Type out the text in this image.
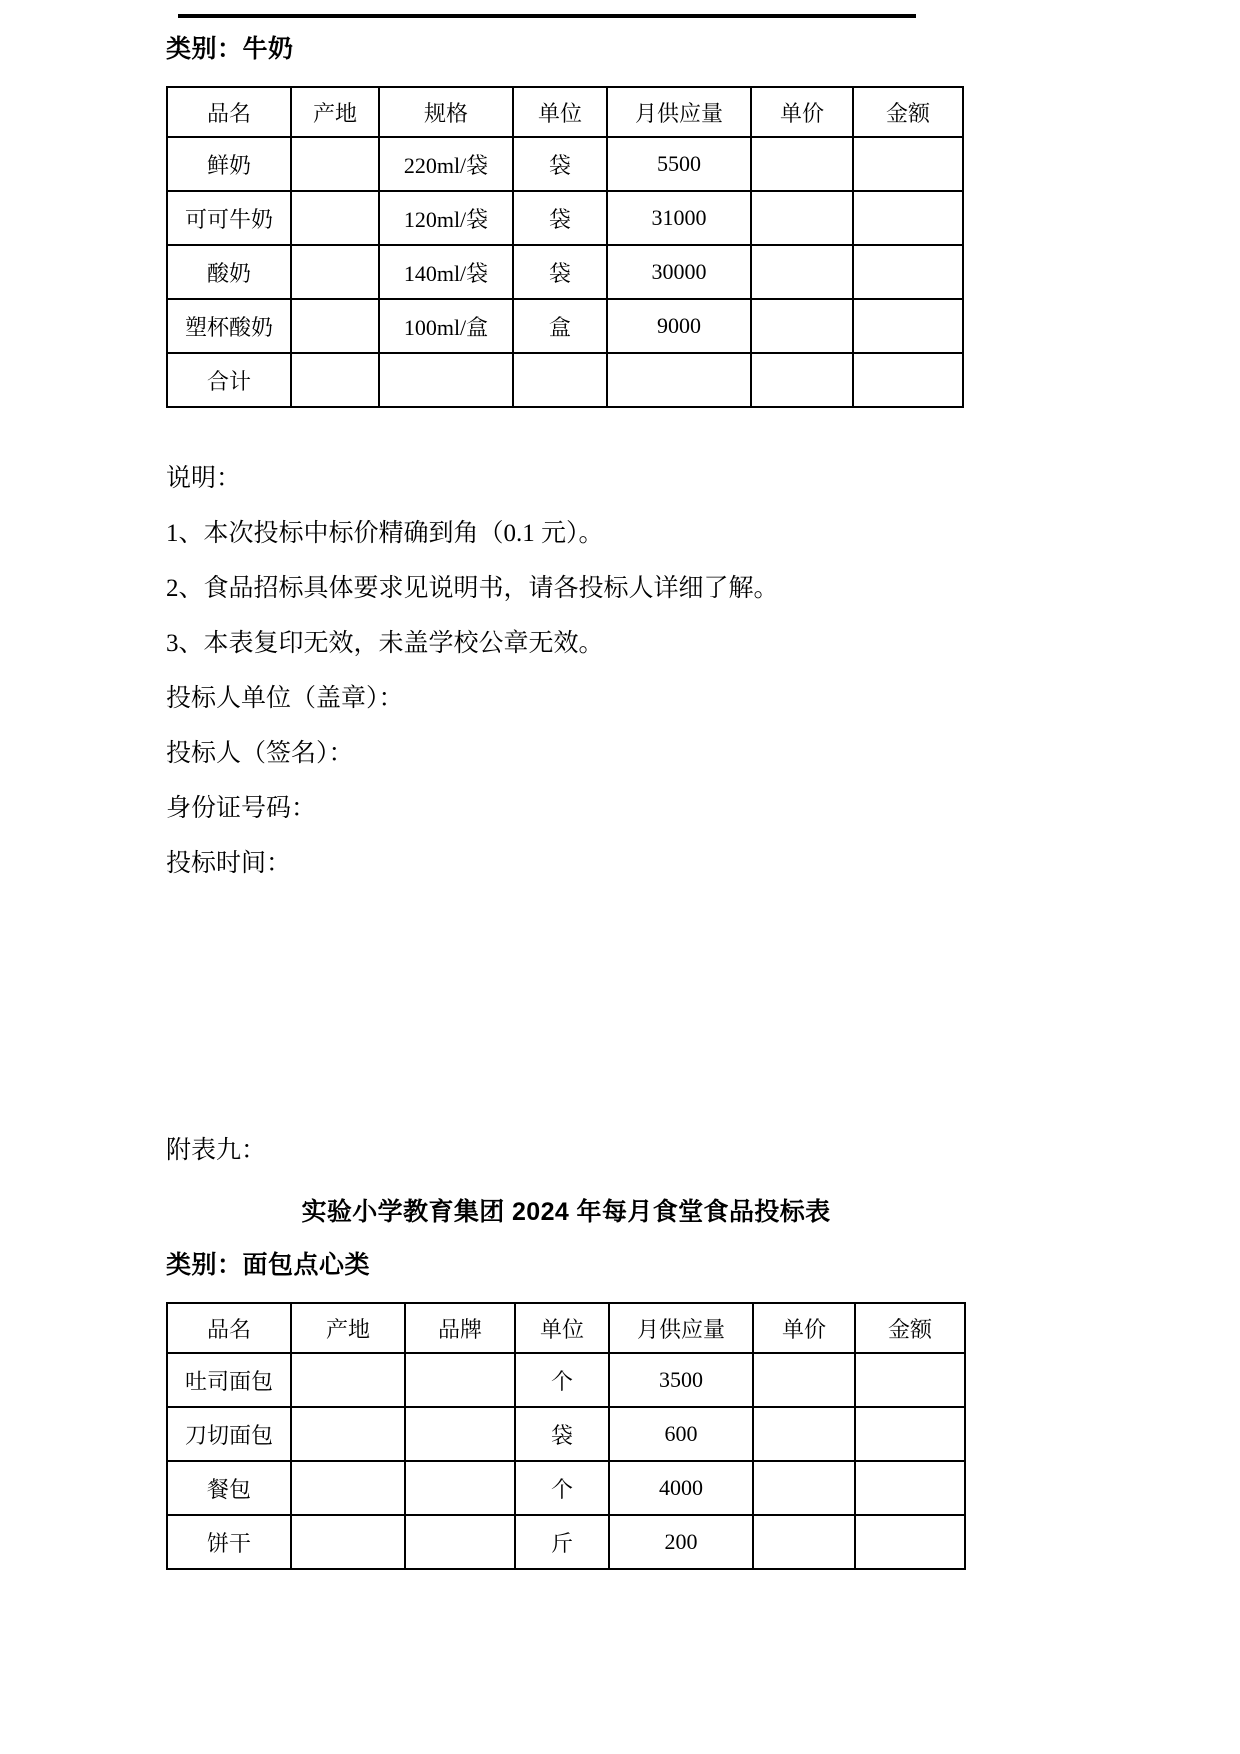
类别：牛奶
品名	产地	规格	单位	月供应量	单价	金额
鲜奶		220ml/袋	袋	5500		
可可牛奶		120ml/袋	袋	31000		
酸奶		140ml/袋	袋	30000		
塑杯酸奶		100ml/盒	盒	9000		
合计						
说明：
1、本次投标中标价精确到角（0.1 元）。
2、食品招标具体要求见说明书，请各投标人详细了解。
3、本表复印无效，未盖学校公章无效。
投标人单位（盖章）：
投标人（签名）：
身份证号码：
投标时间：
附表九：
实验小学教育集团 2024 年每月食堂食品投标表
类别：面包点心类
品名	产地	品牌	单位	月供应量	单价	金额
吐司面包			个	3500		
刀切面包			袋	600		
餐包			个	4000		
饼干			斤	200		
